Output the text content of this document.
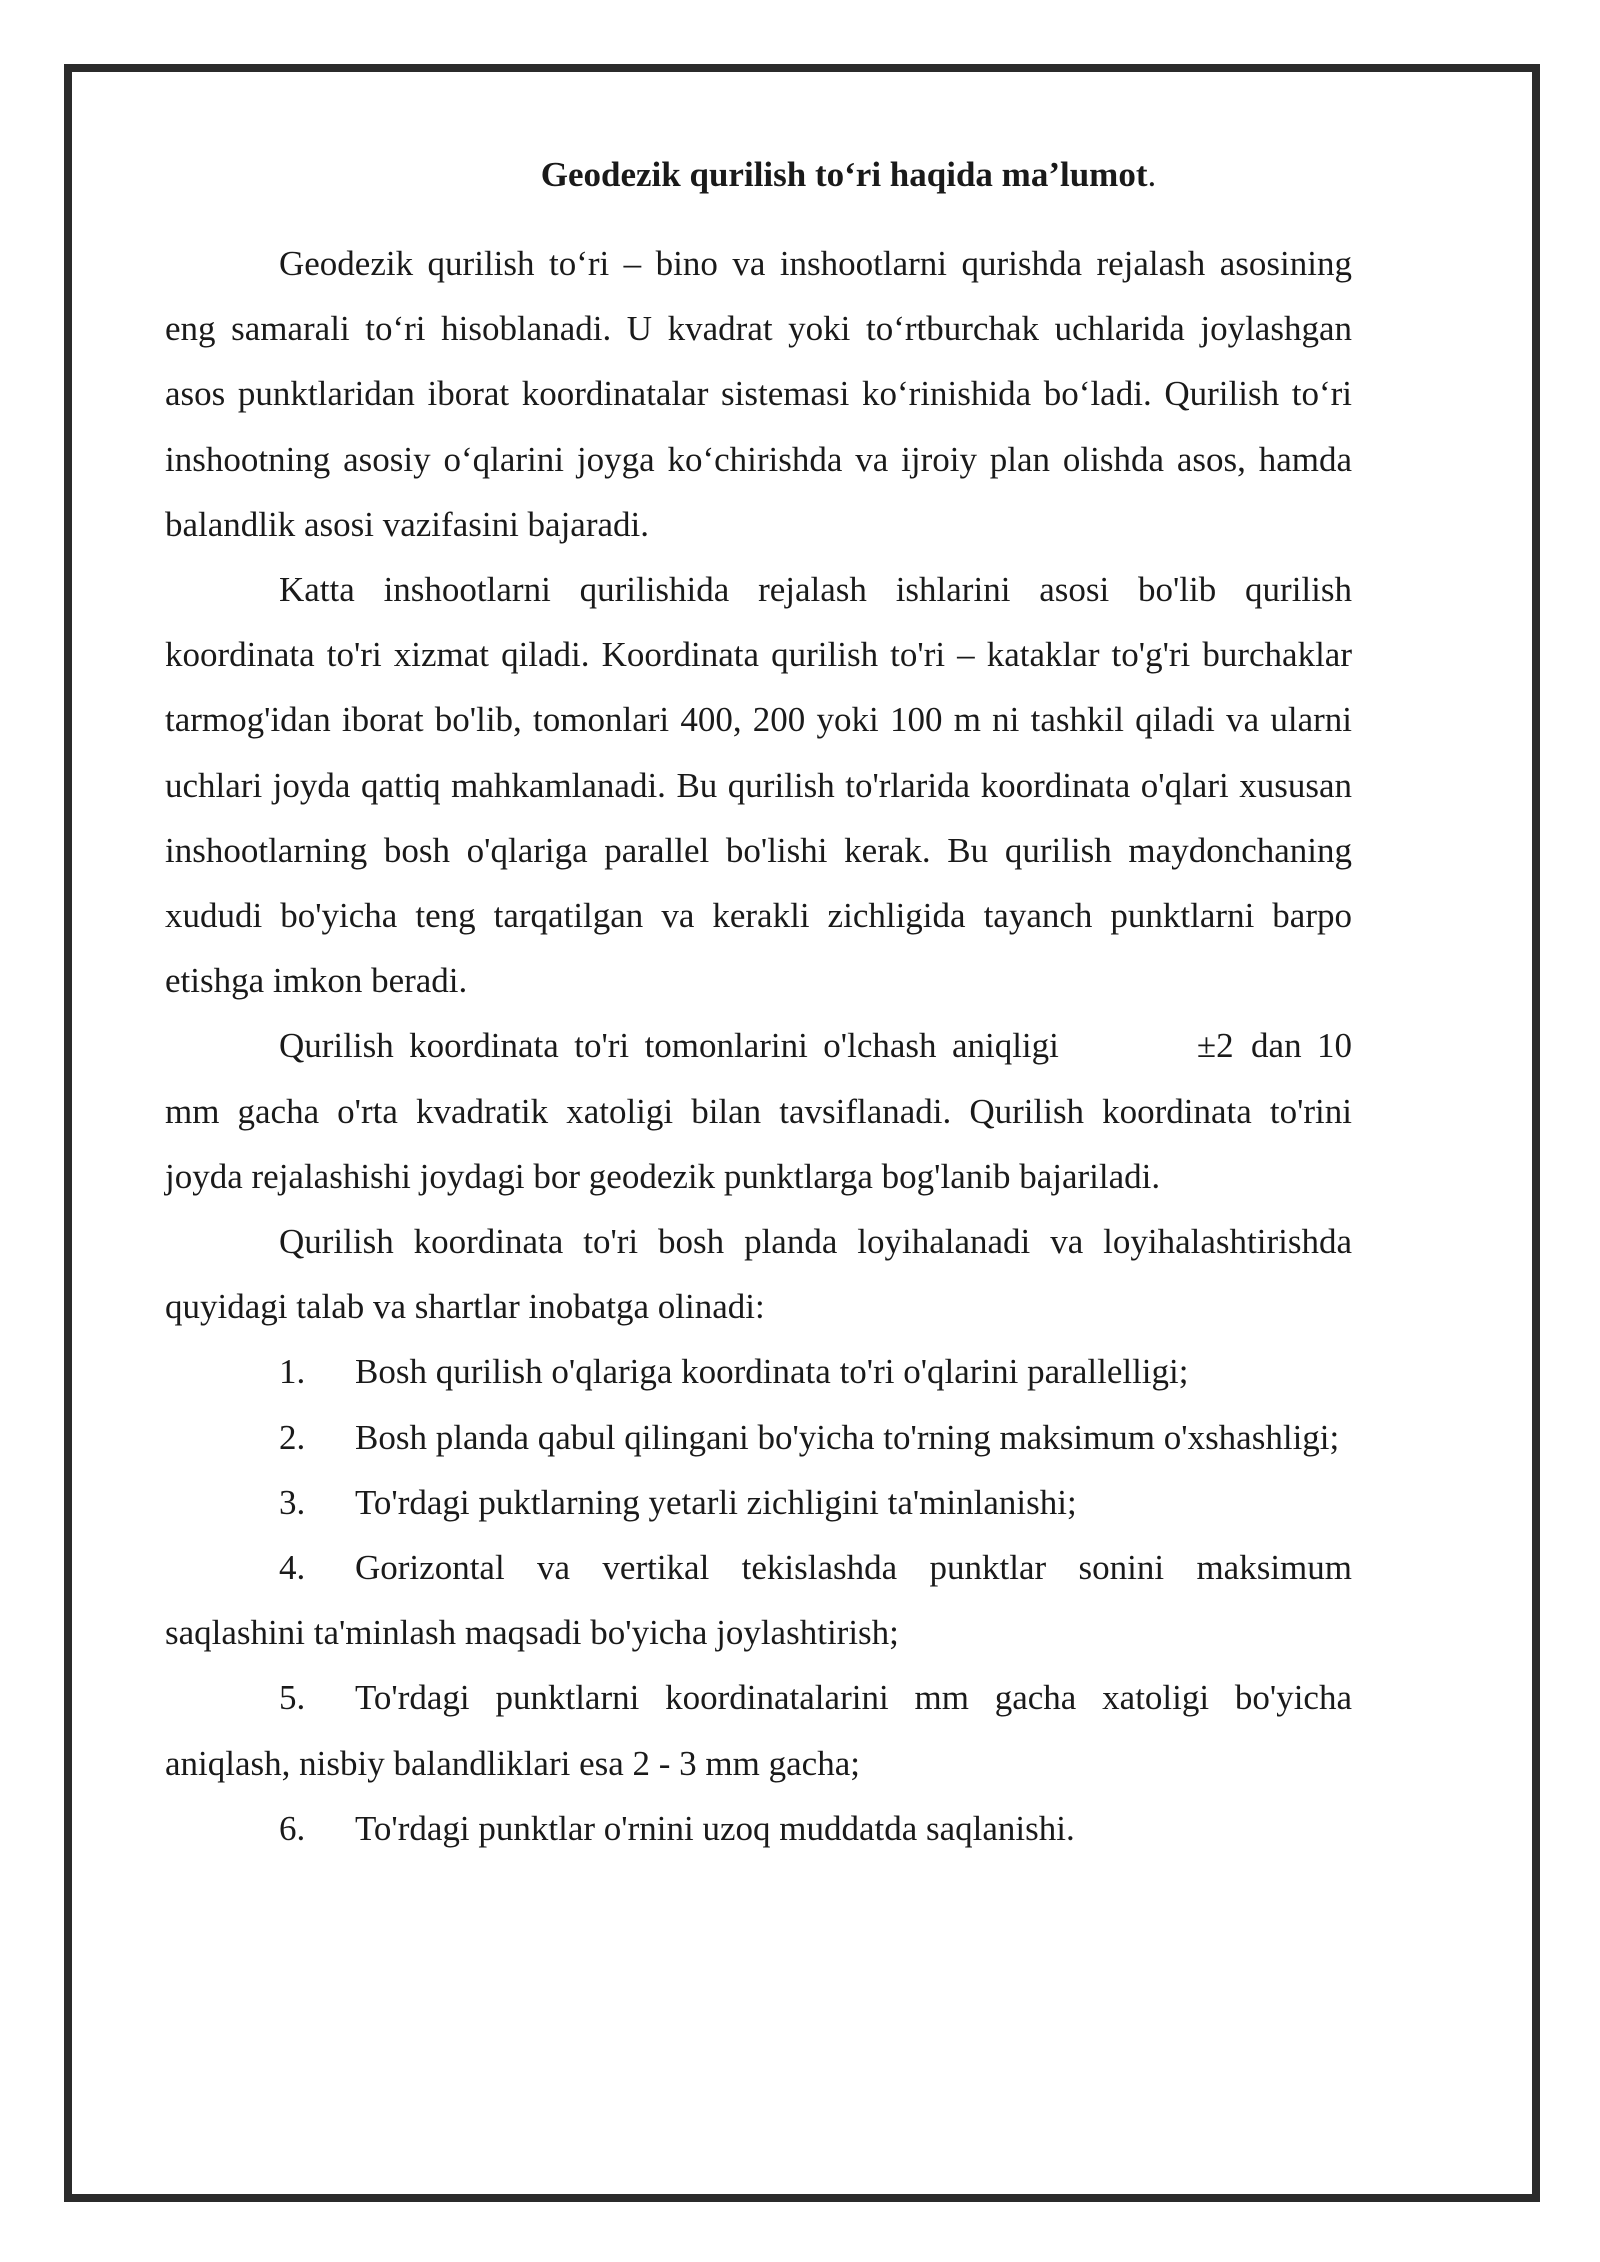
Geodezik qurilish to‘ri haqida ma’lumot.

Geodezik qurilish to‘ri – bino va inshootlarni qurishda rejalash asosining eng samarali to‘ri hisoblanadi. U kvadrat yoki to‘rtburchak uchlarida joylashgan asos punktlaridan iborat koordinatalar sistemasi ko‘rinishida bo‘ladi. Qurilish to‘ri inshootning asosiy o‘qlarini joyga ko‘chirishda va ijroiy plan olishda asos, hamda balandlik asosi vazifasini bajaradi.

Katta inshootlarni qurilishida rejalash ishlarini asosi bo'lib qurilish koordinata to'ri xizmat qiladi. Koordinata qurilish to'ri – kataklar to'g'ri burchaklar tarmog'idan iborat bo'lib, tomonlari 400, 200 yoki 100 m ni tashkil qiladi va ularni uchlari joyda qattiq mahkamlanadi. Bu qurilish to'rlarida koordinata o'qlari xususan inshootlarning bosh o'qlariga parallel bo'lishi kerak. Bu qurilish maydonchaning xududi bo'yicha teng tarqatilgan va kerakli zichligida tayanch punktlarni barpo etishga imkon beradi.

Qurilish koordinata to'ri tomonlarini o'lchash aniqligi	±2 dan 10 mm gacha o'rta kvadratik xatoligi bilan tavsiflanadi. Qurilish koordinata to'rini joyda rejalashishi joydagi bor geodezik punktlarga bog'lanib bajariladi.

Qurilish koordinata to'ri bosh planda loyihalanadi va loyihalashtirishda quyidagi talab va shartlar inobatga olinadi:

1. Bosh qurilish o'qlariga koordinata to'ri o'qlarini parallelligi;

2. Bosh planda qabul qilingani bo'yicha to'rning maksimum o'xshashligi;

3. To'rdagi puktlarning yetarli zichligini ta'minlanishi;

4. Gorizontal va vertikal tekislashda punktlar sonini maksimum saqlashini ta'minlash maqsadi bo'yicha joylashtirish;

5. To'rdagi punktlarni koordinatalarini mm gacha xatoligi bo'yicha aniqlash, nisbiy balandliklari esa 2 - 3 mm gacha;

6. To'rdagi punktlar o'rnini uzoq muddatda saqlanishi.
